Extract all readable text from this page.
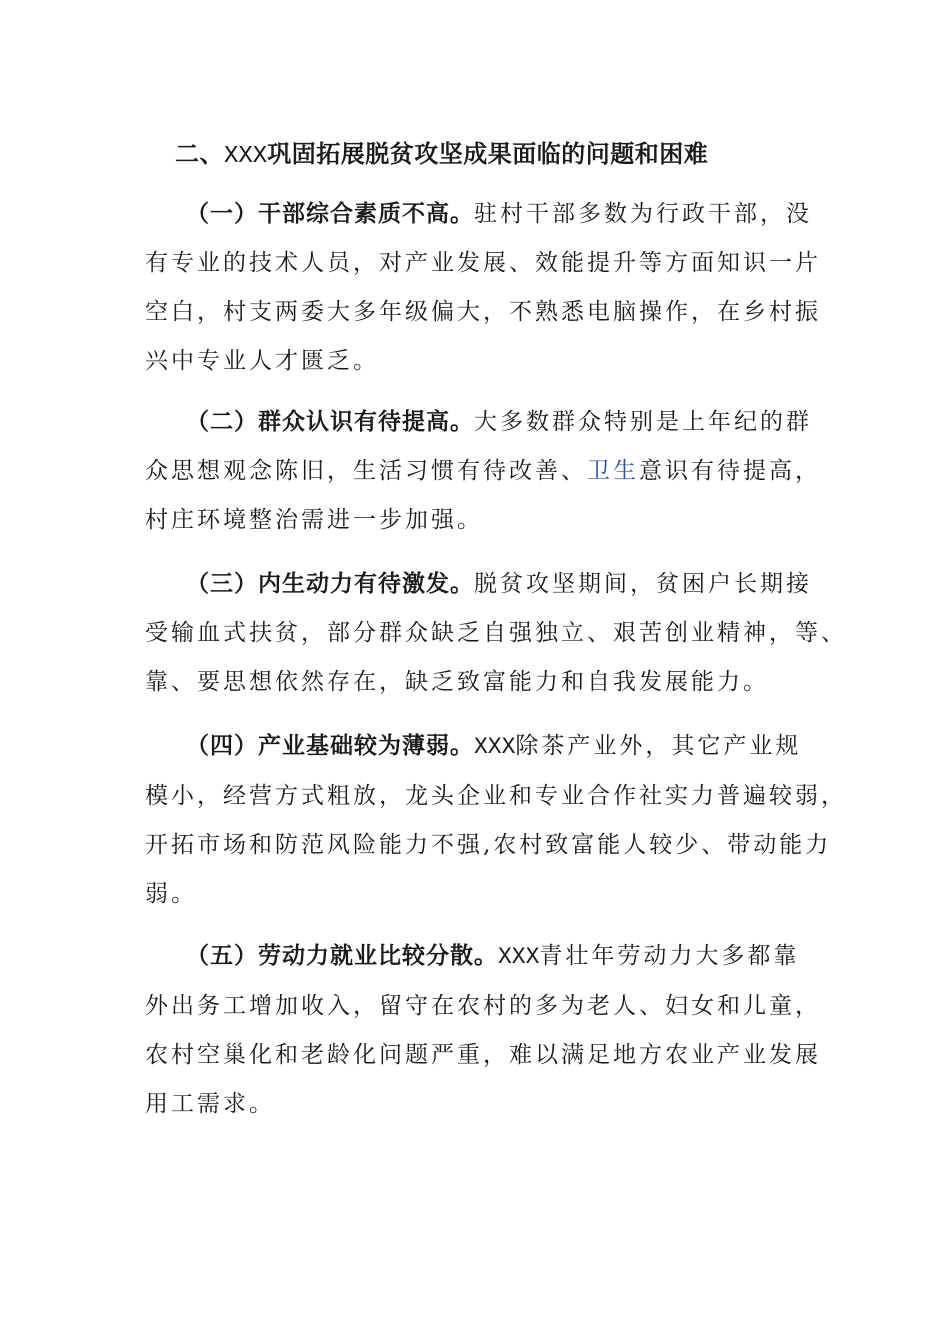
二、XXX巩固拓展脱贫攻坚成果面临的问题和困难

（一）干部综合素质不高。驻村干部多数为行政干部，没
有专业的技术人员，对产业发展、效能提升等方面知识一片
空白，村支两委大多年级偏大，不熟悉电脑操作，在乡村振
兴中专业人才匮乏。

（二）群众认识有待提高。大多数群众特别是上年纪的群
众思想观念陈旧，生活习惯有待改善、卫生意识有待提高，
村庄环境整治需进一步加强。

（三）内生动力有待激发。脱贫攻坚期间，贫困户长期接
受输血式扶贫，部分群众缺乏自强独立、艰苦创业精神，等、
靠、要思想依然存在，缺乏致富能力和自我发展能力。

（四）产业基础较为薄弱。XXX除茶产业外，其它产业规
模小，经营方式粗放，龙头企业和专业合作社实力普遍较弱，
开拓市场和防范风险能力不强,农村致富能人较少、带动能力
弱。

（五）劳动力就业比较分散。XXX青壮年劳动力大多都靠
外出务工增加收入，留守在农村的多为老人、妇女和儿童，
农村空巢化和老龄化问题严重，难以满足地方农业产业发展
用工需求。
